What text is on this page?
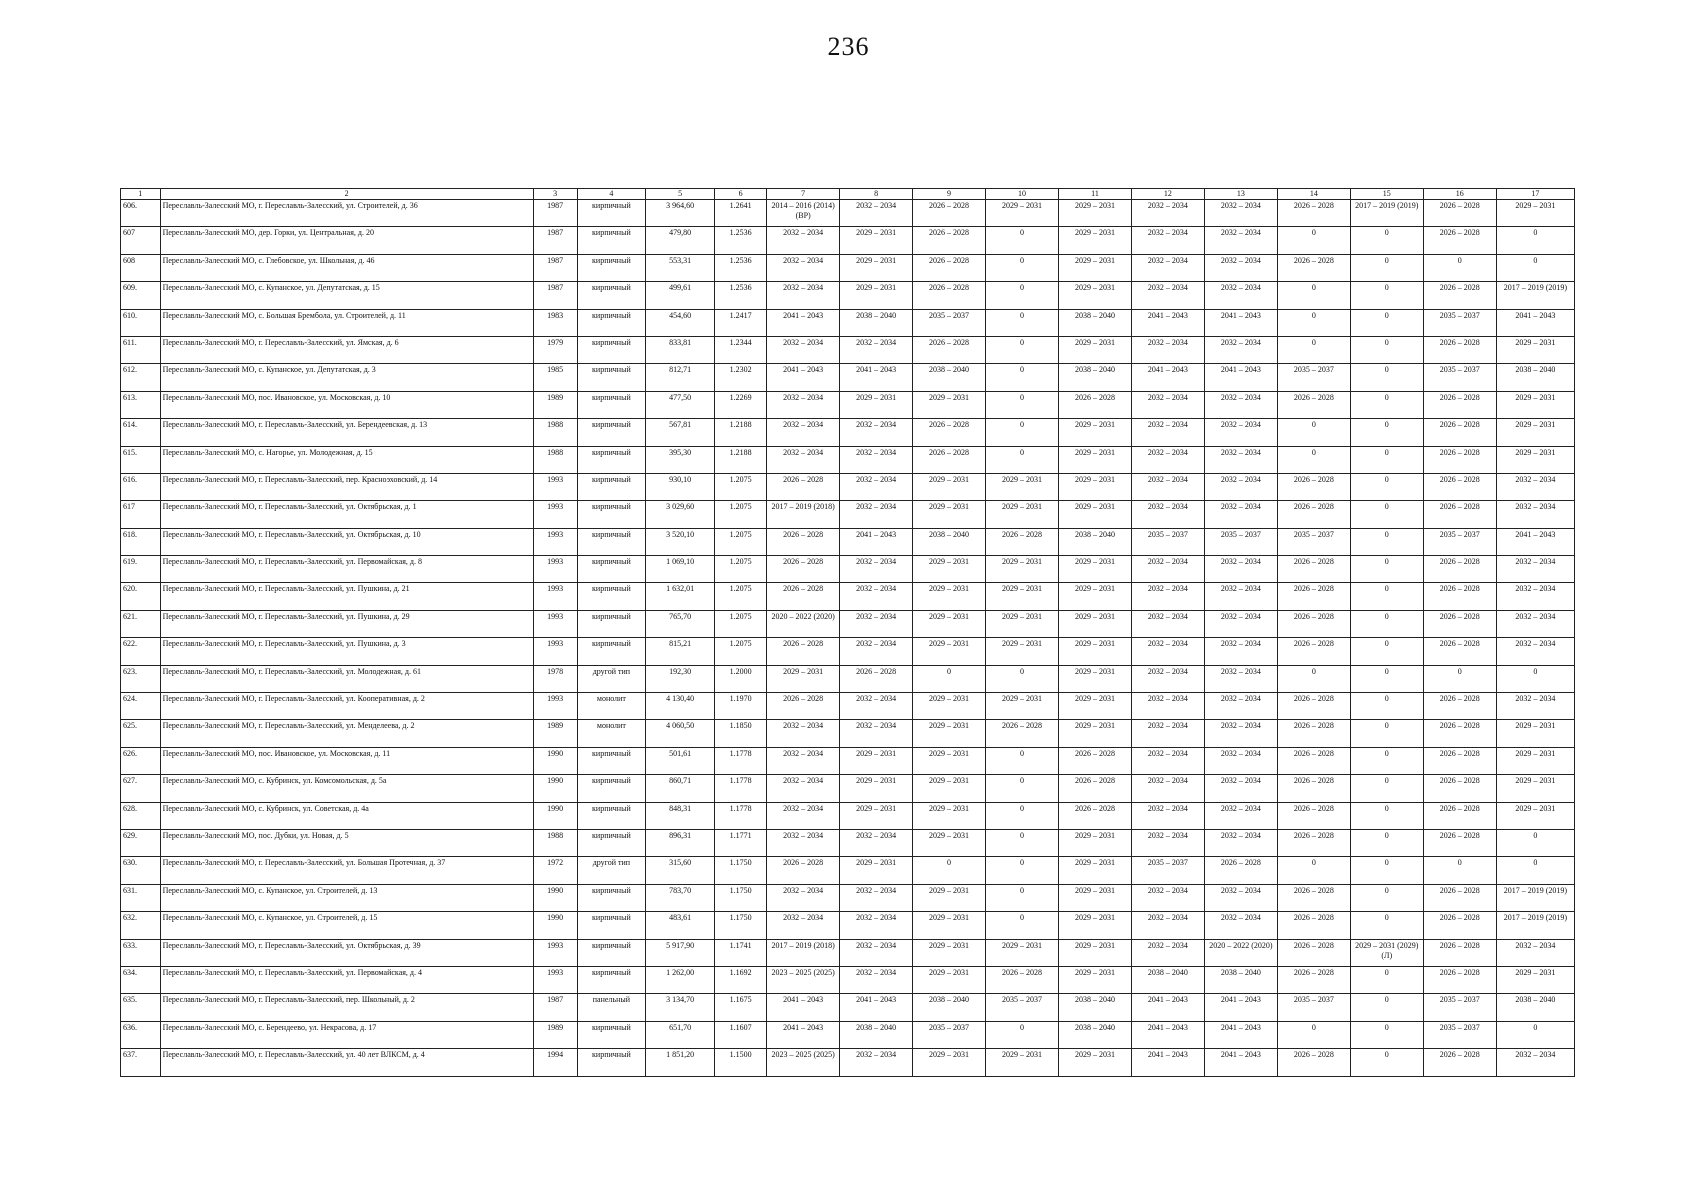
236
1	2	3	4	5	6	7	8	9	10	11	12	13	14	15	16	17
606.	Переславль-Залесский МО, г. Переславль-Залесский, ул. Строителей, д. 36	1987	кирпичный	3 964,60	1.2641	2014 – 2016 (2014) (ВР)	2032 – 2034	2026 – 2028	2029 – 2031	2029 – 2031	2032 – 2034	2032 – 2034	2026 – 2028	2017 – 2019 (2019)	2026 – 2028	2029 – 2031
607	Переславль-Залесский МО, дер. Горки, ул. Центральная, д. 20	1987	кирпичный	479,80	1.2536	2032 – 2034	2029 – 2031	2026 – 2028	0	2029 – 2031	2032 – 2034	2032 – 2034	0	0	2026 – 2028	0
608	Переславль-Залесский МО, с. Глебовское, ул. Школьная, д. 46	1987	кирпичный	553,31	1.2536	2032 – 2034	2029 – 2031	2026 – 2028	0	2029 – 2031	2032 – 2034	2032 – 2034	2026 – 2028	0	0	0
609.	Переславль-Залесский МО, с. Купанское, ул. Депутатская, д. 15	1987	кирпичный	499,61	1.2536	2032 – 2034	2029 – 2031	2026 – 2028	0	2029 – 2031	2032 – 2034	2032 – 2034	0	0	2026 – 2028	2017 – 2019 (2019)
610.	Переславль-Залесский МО, с. Большая Брембола, ул. Строителей, д. 11	1983	кирпичный	454,60	1.2417	2041 – 2043	2038 – 2040	2035 – 2037	0	2038 – 2040	2041 – 2043	2041 – 2043	0	0	2035 – 2037	2041 – 2043
611.	Переславль-Залесский МО, г. Переславль-Залесский, ул. Ямская, д. 6	1979	кирпичный	833,81	1.2344	2032 – 2034	2032 – 2034	2026 – 2028	0	2029 – 2031	2032 – 2034	2032 – 2034	0	0	2026 – 2028	2029 – 2031
612.	Переславль-Залесский МО, с. Купанское, ул. Депутатская, д. 3	1985	кирпичный	812,71	1.2302	2041 – 2043	2041 – 2043	2038 – 2040	0	2038 – 2040	2041 – 2043	2041 – 2043	2035 – 2037	0	2035 – 2037	2038 – 2040
613.	Переславль-Залесский МО, пос. Ивановское, ул. Московская, д. 10	1989	кирпичный	477,50	1.2269	2032 – 2034	2029 – 2031	2029 – 2031	0	2026 – 2028	2032 – 2034	2032 – 2034	2026 – 2028	0	2026 – 2028	2029 – 2031
614.	Переславль-Залесский МО, г. Переславль-Залесский, ул. Берендеевская, д. 13	1988	кирпичный	567,81	1.2188	2032 – 2034	2032 – 2034	2026 – 2028	0	2029 – 2031	2032 – 2034	2032 – 2034	0	0	2026 – 2028	2029 – 2031
615.	Переславль-Залесский МО, с. Нагорье, ул. Молодежная, д. 15	1988	кирпичный	395,30	1.2188	2032 – 2034	2032 – 2034	2026 – 2028	0	2029 – 2031	2032 – 2034	2032 – 2034	0	0	2026 – 2028	2029 – 2031
616.	Переславль-Залесский МО, г. Переславль-Залесский, пер. Красноэховский, д. 14	1993	кирпичный	930,10	1.2075	2026 – 2028	2032 – 2034	2029 – 2031	2029 – 2031	2029 – 2031	2032 – 2034	2032 – 2034	2026 – 2028	0	2026 – 2028	2032 – 2034
617	Переславль-Залесский МО, г. Переславль-Залесский, ул. Октябрьская, д. 1	1993	кирпичный	3 029,60	1.2075	2017 – 2019 (2018)	2032 – 2034	2029 – 2031	2029 – 2031	2029 – 2031	2032 – 2034	2032 – 2034	2026 – 2028	0	2026 – 2028	2032 – 2034
618.	Переславль-Залесский МО, г. Переславль-Залесский, ул. Октябрьская, д. 10	1993	кирпичный	3 520,10	1.2075	2026 – 2028	2041 – 2043	2038 – 2040	2026 – 2028	2038 – 2040	2035 – 2037	2035 – 2037	2035 – 2037	0	2035 – 2037	2041 – 2043
619.	Переславль-Залесский МО, г. Переславль-Залесский, ул. Первомайская, д. 8	1993	кирпичный	1 069,10	1.2075	2026 – 2028	2032 – 2034	2029 – 2031	2029 – 2031	2029 – 2031	2032 – 2034	2032 – 2034	2026 – 2028	0	2026 – 2028	2032 – 2034
620.	Переславль-Залесский МО, г. Переславль-Залесский, ул. Пушкина, д. 21	1993	кирпичный	1 632,01	1.2075	2026 – 2028	2032 – 2034	2029 – 2031	2029 – 2031	2029 – 2031	2032 – 2034	2032 – 2034	2026 – 2028	0	2026 – 2028	2032 – 2034
621.	Переславль-Залесский МО, г. Переславль-Залесский, ул. Пушкина, д. 29	1993	кирпичный	765,70	1.2075	2020 – 2022 (2020)	2032 – 2034	2029 – 2031	2029 – 2031	2029 – 2031	2032 – 2034	2032 – 2034	2026 – 2028	0	2026 – 2028	2032 – 2034
622.	Переславль-Залесский МО, г. Переславль-Залесский, ул. Пушкина, д. 3	1993	кирпичный	815,21	1.2075	2026 – 2028	2032 – 2034	2029 – 2031	2029 – 2031	2029 – 2031	2032 – 2034	2032 – 2034	2026 – 2028	0	2026 – 2028	2032 – 2034
623.	Переславль-Залесский МО, г. Переславль-Залесский, ул. Молодежная, д. 61	1978	другой тип	192,30	1.2000	2029 – 2031	2026 – 2028	0	0	2029 – 2031	2032 – 2034	2032 – 2034	0	0	0	0
624.	Переславль-Залесский МО, г. Переславль-Залесский, ул. Кооперативная, д. 2	1993	монолит	4 130,40	1.1970	2026 – 2028	2032 – 2034	2029 – 2031	2029 – 2031	2029 – 2031	2032 – 2034	2032 – 2034	2026 – 2028	0	2026 – 2028	2032 – 2034
625.	Переславль-Залесский МО, г. Переславль-Залесский, ул. Менделеева, д. 2	1989	монолит	4 060,50	1.1850	2032 – 2034	2032 – 2034	2029 – 2031	2026 – 2028	2029 – 2031	2032 – 2034	2032 – 2034	2026 – 2028	0	2026 – 2028	2029 – 2031
626.	Переславль-Залесский МО, пос. Ивановское, ул. Московская, д. 11	1990	кирпичный	501,61	1.1778	2032 – 2034	2029 – 2031	2029 – 2031	0	2026 – 2028	2032 – 2034	2032 – 2034	2026 – 2028	0	2026 – 2028	2029 – 2031
627.	Переславль-Залесский МО, с. Кубринск, ул. Комсомольская, д. 5а	1990	кирпичный	860,71	1.1778	2032 – 2034	2029 – 2031	2029 – 2031	0	2026 – 2028	2032 – 2034	2032 – 2034	2026 – 2028	0	2026 – 2028	2029 – 2031
628.	Переславль-Залесский МО, с. Кубринск, ул. Советская, д. 4а	1990	кирпичный	848,31	1.1778	2032 – 2034	2029 – 2031	2029 – 2031	0	2026 – 2028	2032 – 2034	2032 – 2034	2026 – 2028	0	2026 – 2028	2029 – 2031
629.	Переславль-Залесский МО, пос. Дубки, ул. Новая, д. 5	1988	кирпичный	896,31	1.1771	2032 – 2034	2032 – 2034	2029 – 2031	0	2029 – 2031	2032 – 2034	2032 – 2034	2026 – 2028	0	2026 – 2028	0
630.	Переславль-Залесский МО, г. Переславль-Залесский, ул. Большая Протечная, д. 37	1972	другой тип	315,60	1.1750	2026 – 2028	2029 – 2031	0	0	2029 – 2031	2035 – 2037	2026 – 2028	0	0	0	0
631.	Переславль-Залесский МО, с. Купанское, ул. Строителей, д. 13	1990	кирпичный	783,70	1.1750	2032 – 2034	2032 – 2034	2029 – 2031	0	2029 – 2031	2032 – 2034	2032 – 2034	2026 – 2028	0	2026 – 2028	2017 – 2019 (2019)
632.	Переславль-Залесский МО, с. Купанское, ул. Строителей, д. 15	1990	кирпичный	483,61	1.1750	2032 – 2034	2032 – 2034	2029 – 2031	0	2029 – 2031	2032 – 2034	2032 – 2034	2026 – 2028	0	2026 – 2028	2017 – 2019 (2019)
633.	Переславль-Залесский МО, г. Переславль-Залесский, ул. Октябрьская, д. 39	1993	кирпичный	5 917,90	1.1741	2017 – 2019 (2018)	2032 – 2034	2029 – 2031	2029 – 2031	2029 – 2031	2032 – 2034	2020 – 2022 (2020)	2026 – 2028	2029 – 2031 (2029) (Л)	2026 – 2028	2032 – 2034
634.	Переславль-Залесский МО, г. Переславль-Залесский, ул. Первомайская, д. 4	1993	кирпичный	1 262,00	1.1692	2023 – 2025 (2025)	2032 – 2034	2029 – 2031	2026 – 2028	2029 – 2031	2038 – 2040	2038 – 2040	2026 – 2028	0	2026 – 2028	2029 – 2031
635.	Переславль-Залесский МО, г. Переславль-Залесский, пер. Школьный, д. 2	1987	панельный	3 134,70	1.1675	2041 – 2043	2041 – 2043	2038 – 2040	2035 – 2037	2038 – 2040	2041 – 2043	2041 – 2043	2035 – 2037	0	2035 – 2037	2038 – 2040
636.	Переславль-Залесский МО, с. Берендеево, ул. Некрасова, д. 17	1989	кирпичный	651,70	1.1607	2041 – 2043	2038 – 2040	2035 – 2037	0	2038 – 2040	2041 – 2043	2041 – 2043	0	0	2035 – 2037	0
637.	Переславль-Залесский МО, г. Переславль-Залесский, ул. 40 лет ВЛКСМ, д. 4	1994	кирпичный	1 851,20	1.1500	2023 – 2025 (2025)	2032 – 2034	2029 – 2031	2029 – 2031	2029 – 2031	2041 – 2043	2041 – 2043	2026 – 2028	0	2026 – 2028	2032 – 2034
